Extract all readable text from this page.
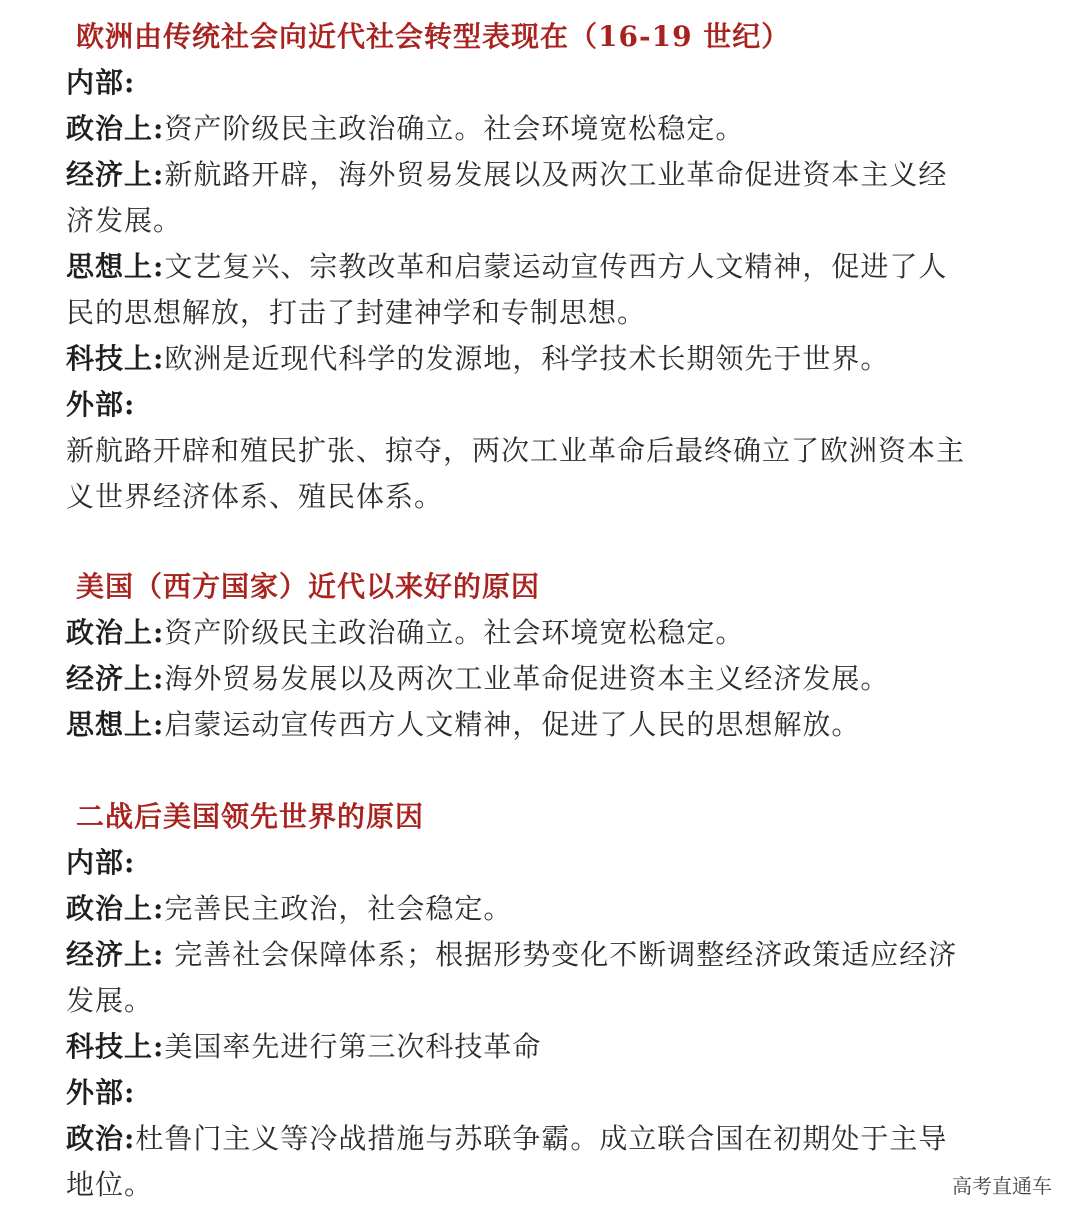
欧洲由传统社会向近代社会转型表现在（16-19 世纪）
内部:
政治上:资产阶级民主政治确立。社会环境宽松稳定。
经济上:新航路开辟，海外贸易发展以及两次工业革命促进资本主义经
济发展。
思想上:文艺复兴、宗教改革和启蒙运动宣传西方人文精神，促进了人
民的思想解放，打击了封建神学和专制思想。
科技上:欧洲是近现代科学的发源地，科学技术长期领先于世界。
外部:
新航路开辟和殖民扩张、掠夺，两次工业革命后最终确立了欧洲资本主
义世界经济体系、殖民体系。
美国（西方国家）近代以来好的原因
政治上:资产阶级民主政治确立。社会环境宽松稳定。
经济上:海外贸易发展以及两次工业革命促进资本主义经济发展。
思想上:启蒙运动宣传西方人文精神，促进了人民的思想解放。
二战后美国领先世界的原因
内部:
政治上:完善民主政治，社会稳定。
经济上: 完善社会保障体系；根据形势变化不断调整经济政策适应经济
发展。
科技上:美国率先进行第三次科技革命
外部:
政治:杜鲁门主义等冷战措施与苏联争霸。成立联合国在初期处于主导
地位。	高考直通车
